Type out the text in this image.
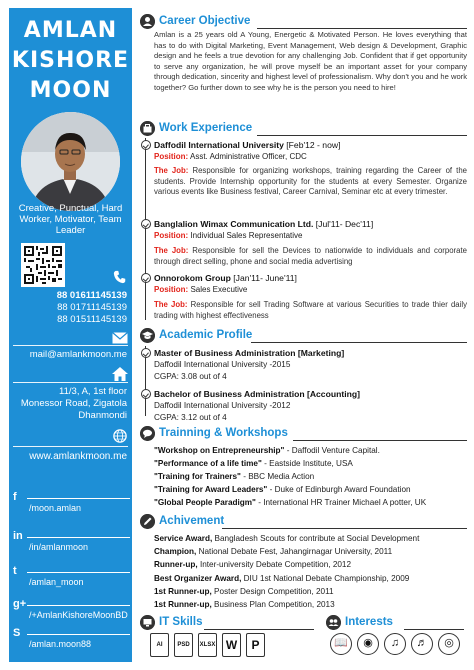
AMLAN
KISHORE
MOON
Creative, Punctual, Hard Worker, Motivator, Team Leader
88 01611145139
88 01711145139
88 01511145139
mail@amlankmoon.me
11/3, A, 1st floor
Monessor Road, Zigatola
Dhanmondi
www.amlankmoon.me
f
/moon.amlan
in
/in/amlanmoon
t
/amlan_moon
g+
/+AmlanKishoreMoonBD
S
/amlan.moon88
Career Objective
Amlan is a 25 years old A Young, Energetic & Motivated Person. He loves everything that has to do with Digital Marketing, Event Management, Web design & Development, Graphic design and he feels a true devotion for any challenging Job. Confident that if get opportunity to serve any organization, he will prove myself be an important asset for your company through dedication, sincerity and highest level of professionalism. Why don't you and he work together? Go further down to see why he is the person you need to hire!
Work Experience
Daffodil International University [Feb'12 - now]
Position: Asst. Administrative Officer, CDC
The Job: Responsible for organizing workshops, training regarding the Career of the students. Provide Internship opportunity for the students at every Semester. Organize various events like Business festival, Career Carnival, Seminar etc at every trimester.
Banglalion Wimax Communication Ltd. [Jul'11- Dec'11]
Position: Individual Sales Representative
The Job: Responsible for sell the Devices to nationwide to individuals and corporate through direct selling, phone and social media advertising
Onnorokom Group [Jan'11- June'11]
Position: Sales Executive
The Job: Responsible for sell Trading Software at various Securities to trade thier daily trading with highest effectiveness
Academic Profile
Master of Business Administration [Marketing]
Daffodil International University -2015
CGPA: 3.08 out of 4
Bachelor of Business Administration [Accounting]
Daffodil International University -2012
CGPA: 3.12 out of 4
Trainning & Workshops
"Workshop on Entrepreneurship" - Daffodil Venture Capital.
"Performance of a life time" - Eastside Institute, USA
"Training for Trainers" - BBC Media Action
"Training for Award Leaders" - Duke of Edinburgh Award Foundation
"Global People Paradigm" - International HR Trainer Michael A potter, UK
Achivement
Service Award, Bangladesh Scouts for contribute at Social Development
Champion, National Debate Fest, Jahangirnagar University, 2011
Runner-up, Inter-university Debate Competition, 2012
Best Organizer Award, DIU 1st National Debate Championship, 2009
1st Runner-up, Poster Design Competition, 2011
1st Runner-up, Business Plan Competition, 2013
IT Skills
AI	PSD	XLSX W	P
Interests
📖	◉	♫	♬	◎
